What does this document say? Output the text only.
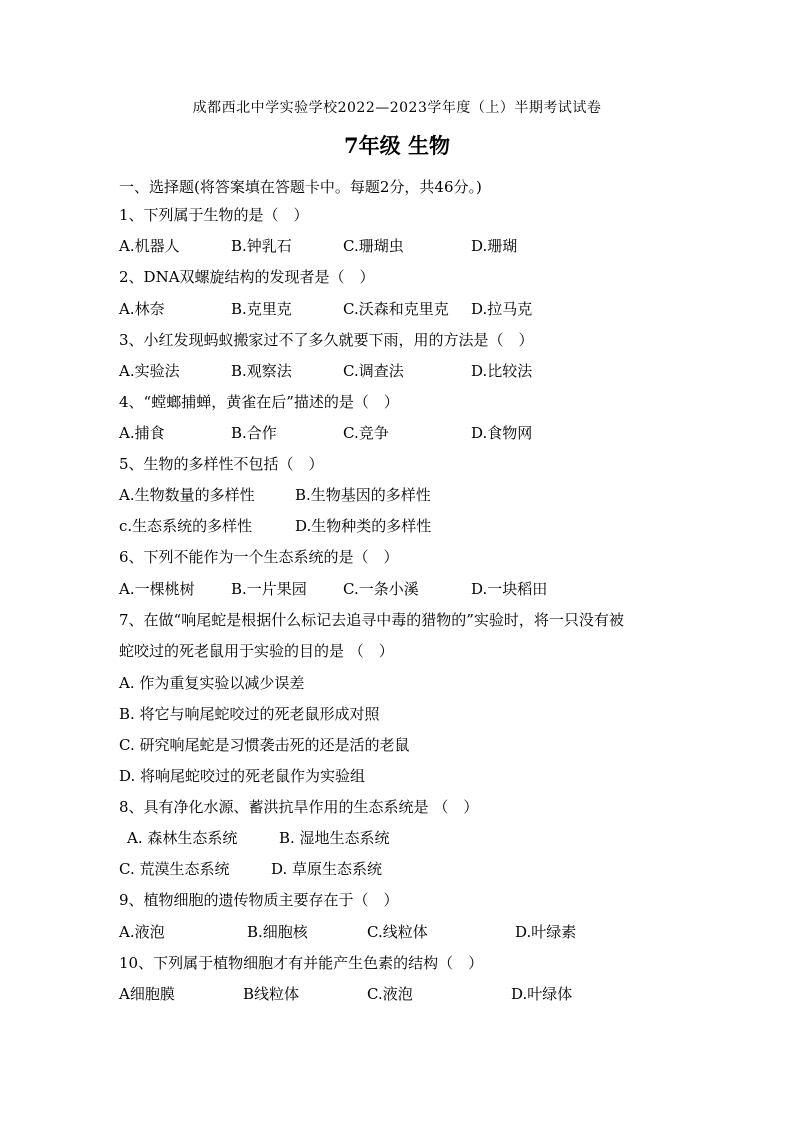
成都西北中学实验学校2022—2023学年度（上）半期考试试卷
7年级 生物
一、选择题(将答案填在答题卡中。每题2分，共46分。)
1、下列属于生物的是（　）
A.机器人	B.钟乳石	C.珊瑚虫	D.珊瑚
2、DNA双螺旋结构的发现者是（　）
A.林奈	B.克里克	C.沃森和克里克 D.拉马克
3、小红发现蚂蚁搬家过不了多久就要下雨，用的方法是（　）
A.实验法	B.观察法	C.调查法	D.比较法
4、“螳螂捕蝉，黄雀在后”描述的是（　）
A.捕食	B.合作	C.竞争	D.食物网
5、生物的多样性不包括（　）
A.生物数量的多样性	B.生物基因的多样性
c.生态系统的多样性	D.生物种类的多样性
6、下列不能作为一个生态系统的是（　）
A.一棵桃树 B.一片果园 C.一条小溪	D.一块稻田
7、在做“响尾蛇是根据什么标记去追寻中毒的猎物的”实验时，将一只没有被
蛇咬过的死老鼠用于实验的目的是 （　）
A. 作为重复实验以减少误差
B. 将它与响尾蛇咬过的死老鼠形成对照
C. 研究响尾蛇是习惯袭击死的还是活的老鼠
D. 将响尾蛇咬过的死老鼠作为实验组
8、具有净化水源、蓄洪抗旱作用的生态系统是 （　）
A. 森林生态系统	B. 湿地生态系统
C. 荒漠生态系统	D. 草原生态系统
9、植物细胞的遗传物质主要存在于（　）
A.液泡	B.细胞核	C.线粒体	D.叶绿素
10、下列属于植物细胞才有并能产生色素的结构（　）
A细胞膜	B线粒体	C.液泡	D.叶绿体
